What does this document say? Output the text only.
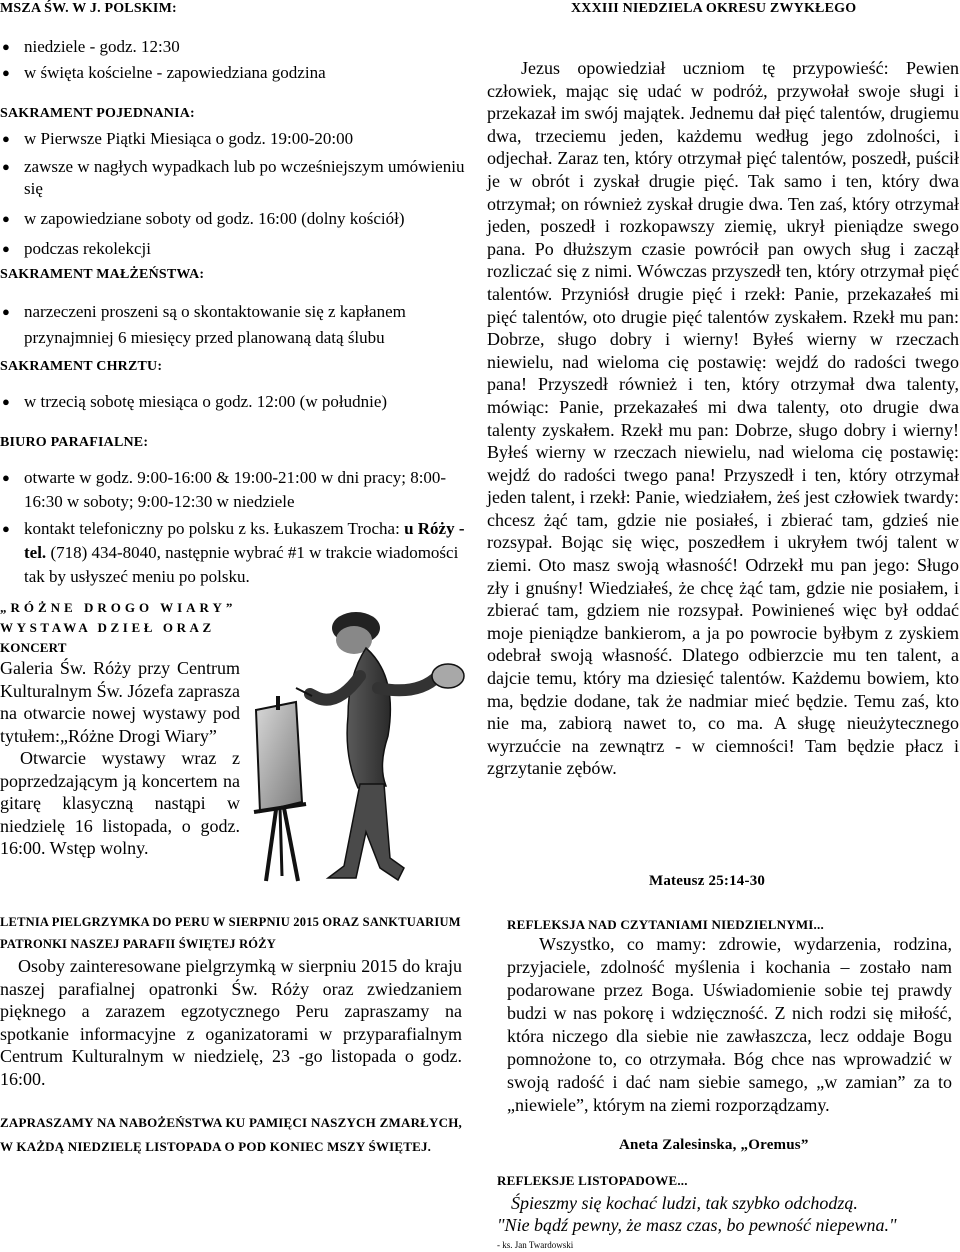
MSZA ŚW. W J. POLSKIM:

● niedziele - godz. 12:30
● w święta kościelne - zapowiedziana godzina

SAKRAMENT POJEDNANIA:

● w Pierwsze Piątki Miesiąca o godz. 19:00-20:00
● zawsze w nagłych wypadkach lub po wcześniejszym umówieniu się
● w zapowiedziane soboty od godz. 16:00 (dolny kościół)
● podczas rekolekcji

SAKRAMENT MAŁŻEŃSTWA:

● narzeczeni proszeni są o skontaktowanie się z kapłanem przynajmniej 6 miesięcy przed planowaną datą ślubu

SAKRAMENT CHRZTU:

● w trzecią sobotę miesiąca o godz. 12:00 (w południe)

BIURO PARAFIALNE:

● otwarte w godz. 9:00-16:00 & 19:00-21:00 w dni pracy; 8:00-16:30 w soboty; 9:00-12:30 w niedziele
● kontakt telefoniczny po polsku z ks. Łukaszem Trocha: u Róży - tel. (718) 434-8040, następnie wybrać #1 w trakcie wiadomości tak by usłyszeć meniu po polsku.

„RÓŻNE DROGO WIARY”

WYSTAWA DZIEŁ ORAZ

KONCERT

Galeria Św. Róży przy Centrum Kulturalnym Św. Józefa zaprasza na otwarcie nowej wystawy pod tytułem:„Różne Drogi Wiary”

Otwarcie wystawy wraz z poprzedzającym ją koncertem na gitarę klasyczną nastąpi w niedzielę 16 listopada, o godz. 16:00. Wstęp wolny.

LETNIA PIELGRZYMKA DO PERU W SIERPNIU 2015 ORAZ SANKTUARIUM PATRONKI NASZEJ PARAFII ŚWIĘTEJ RÓŻY

Osoby zainteresowane pielgrzymką w sierpniu 2015 do kraju naszej parafialnej opatronki Św. Róży oraz zwiedzaniem pięknego a zarazem egzotycznego Peru zapraszamy na spotkanie informacyjne z oganizatorami w przyparafialnym Centrum Kulturalnym w niedzielę, 23 -go listopada o godz. 16:00.

ZAPRASZAMY NA NABOŻEŃSTWA KU PAMIĘCI NASZYCH ZMARŁYCH, W KAŻDĄ NIEDZIELĘ LISTOPADA O POD KONIEC MSZY ŚWIĘTEJ.

XXXIII NIEDZIELA OKRESU ZWYKŁEGO

Jezus opowiedział uczniom tę przypowieść: Pewien człowiek, mając się udać w podróż, przywołał swoje sługi i przekazał im swój majątek. Jednemu dał pięć talentów, drugiemu dwa, trzeciemu jeden, każdemu według jego zdolności, i odjechał. Zaraz ten, który otrzymał pięć talentów, poszedł, puścił je w obrót i zyskał drugie pięć. Tak samo i ten, który dwa otrzymał; on również zyskał drugie dwa. Ten zaś, który otrzymał jeden, poszedł i rozkopawszy ziemię, ukrył pieniądze swego pana. Po dłuższym czasie powrócił pan owych sług i zaczął rozliczać się z nimi. Wówczas przyszedł ten, który otrzymał pięć talentów. Przyniósł drugie pięć i rzekł: Panie, przekazałeś mi pięć talentów, oto drugie pięć talentów zyskałem. Rzekł mu pan: Dobrze, sługo dobry i wierny! Byłeś wierny w rzeczach niewielu, nad wieloma cię postawię: wejdź do radości twego pana! Przyszedł również i ten, który otrzymał dwa talenty, mówiąc: Panie, przekazałeś mi dwa talenty, oto drugie dwa talenty zyskałem. Rzekł mu pan: Dobrze, sługo dobry i wierny! Byłeś wierny w rzeczach niewielu, nad wieloma cię postawię: wejdź do radości twego pana! Przyszedł i ten, który otrzymał jeden talent, i rzekł: Panie, wiedziałem, żeś jest człowiek twardy: chcesz żąć tam, gdzie nie posiałeś, i zbierać tam, gdzieś nie rozsypał. Bojąc się więc, poszedłem i ukryłem twój talent w ziemi. Oto masz swoją własność! Odrzekł mu pan jego: Sługo zły i gnuśny! Wiedziałeś, że chcę żąć tam, gdzie nie posiałem, i zbierać tam, gdziem nie rozsypał. Powinieneś więc był oddać moje pieniądze bankierom, a ja po powrocie byłbym z zyskiem odebrał swoją własność. Dlatego odbierzcie mu ten talent, a dajcie temu, który ma dziesięć talentów. Każdemu bowiem, kto ma, będzie dodane, tak że nadmiar mieć będzie. Temu zaś, kto nie ma, zabiorą nawet to, co ma. A sługę nieużytecznego wyrzućcie na zewnątrz - w ciemności! Tam będzie płacz i zgrzytanie zębów.

Mateusz 25:14-30

REFLEKSJA NAD CZYTANIAMI NIEDZIELNYMI...

Wszystko, co mamy: zdrowie, wydarzenia, rodzina, przyjaciele, zdolność myślenia i kochania – zostało nam podarowane przez Boga. Uświadomienie sobie tej prawdy budzi w nas pokorę i wdzięczność. Z nich rodzi się miłość, która niczego dla siebie nie zawłaszcza, lecz oddaje Bogu pomnożone to, co otrzymała. Bóg chce nas wprowadzić w swoją radość i dać nam siebie samego, „w zamian” za to „niewiele”, którym na ziemi rozporządzamy.

Aneta Zalesinska, „Oremus”

REFLEKSJE LISTOPADOWE...

Śpieszmy się kochać ludzi, tak szybko odchodzą.

"Nie bądź pewny, że masz czas, bo pewność niepewna."

- ks. Jan Twardowski
